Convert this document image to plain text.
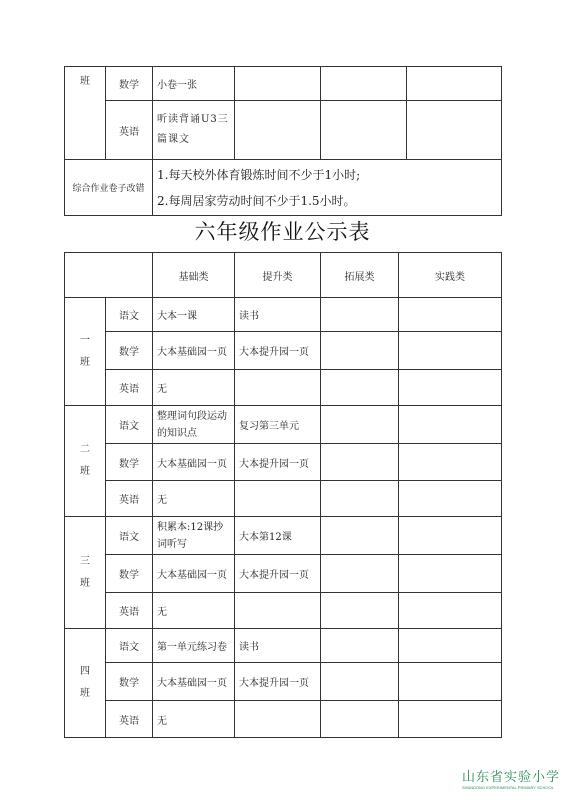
班	数学	小卷一张			
	英语	听读背诵U3三篇课文			
综合作业卷子改错		1.每天校外体育锻炼时间不少于1小时;
2.每周居家劳动时间不少于1.5小时。			
六年级作业公示表
		基础类	提升类	拓展类	实践类

一
班	语文	大本一课	读书		
	数学	大本基础园一页	大本提升园一页		
	英语	无			

二
班	语文	整理词句段运动的知识点	复习第三单元		
	数学	大本基础园一页	大本提升园一页		
	英语	无			

三
班	语文	积累本:12课抄词听写	大本第12课		
	数学	大本基础园一页	大本提升园一页		
	英语	无			

四
班	语文	第一单元练习卷	读书		
	数学	大本基础园一页	大本提升园一页		
	英语	无			
山东省实验小学
SHANDONG EXPERIMENTAL PRIMARY SCHOOL
